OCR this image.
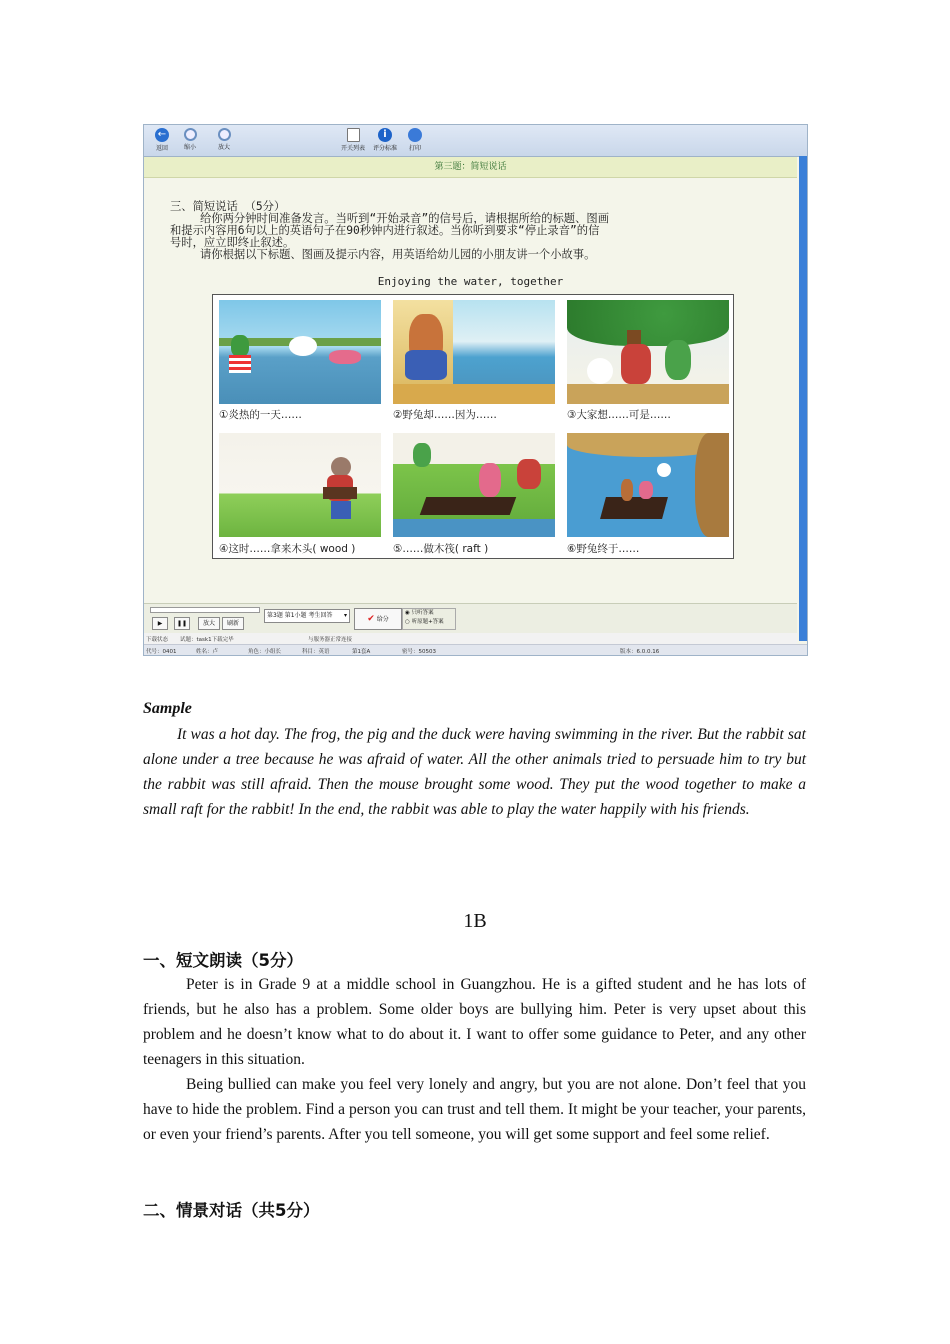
←
返回	缩小	放大	开关列表
i
评分标准	打印
第三题：简短说话

三、简短说话 （5分）

给你两分钟时间准备发言。当听到“开始录音”的信号后，请根据所给的标题、图画

和提示内容用6句以上的英语句子在90秒钟内进行叙述。当你听到要求“停止录音”的信

号时，应立即终止叙述。

请你根据以下标题、图画及提示内容，用英语给幼儿园的小朋友讲一个小故事。

Enjoying the water, together
①炎热的一天……	②野兔却……因为……	③大家想……可是……
④这时……拿来木头( wood )	⑤……做木筏( raft )	⑥野兔终于……
▶	❚❚	放大	刷新
第3题 第1小题 考生回答 ▾	✔ 给分
◉ 只听答案
○ 听原题+答案
下载状态 试题：task1下载完毕	与服务器正常连接
代号：0401	姓名：卢	角色：小组长	科目：英语	第1套A	密号：50503	版本：6.0.0.16
Sample
It was a hot day. The frog, the pig and the duck were having swimming in the river. But the rabbit sat alone under a tree because he was afraid of water. All the other animals tried to persuade him to try but the rabbit was still afraid. Then the mouse brought some wood. They put the wood together to make a small raft for the rabbit! In the end, the rabbit was able to play the water happily with his friends.
1B
一、短文朗读（5分）
Peter is in Grade 9 at a middle school in Guangzhou. He is a gifted student and he has lots of friends, but he also has a problem. Some older boys are bullying him. Peter is very upset about this problem and he doesn’t know what to do about it. I want to offer some guidance to Peter, and any other teenagers in this situation.
Being bullied can make you feel very lonely and angry, but you are not alone. Don’t feel that you have to hide the problem. Find a person you can trust and tell them. It might be your teacher, your parents, or even your friend’s parents. After you tell someone, you will get some support and feel some relief.
二、情景对话（共5分）
